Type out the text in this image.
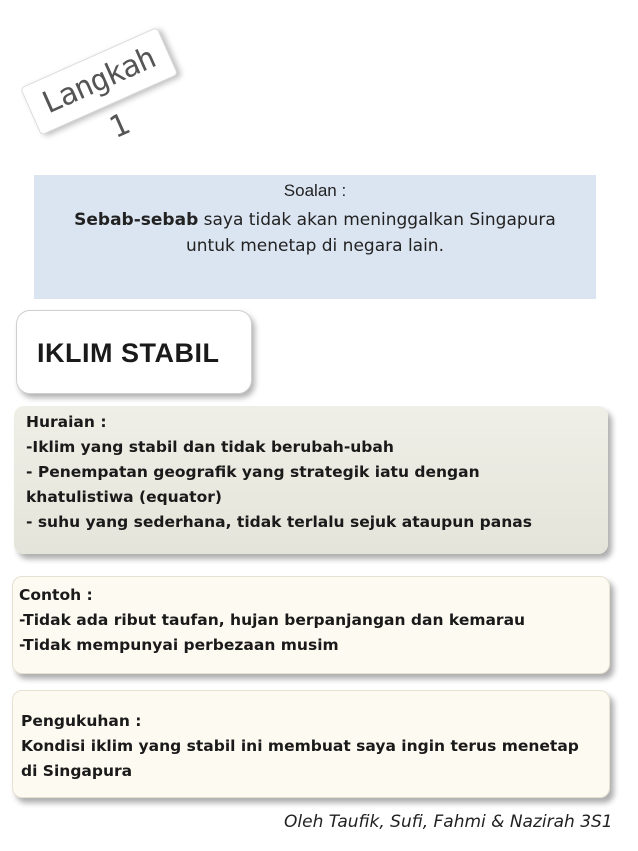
Langkah 1
Soalan :
Sebab-sebab saya tidak akan meninggalkan Singapura untuk menetap di negara lain.
IKLIM STABIL
Huraian :
-Iklim yang stabil dan tidak berubah-ubah
- Penempatan geografik yang strategik iatu dengan
khatulistiwa (equator)
- suhu yang sederhana, tidak terlalu sejuk ataupun panas
Contoh :
-Tidak ada ribut taufan, hujan berpanjangan dan kemarau
-Tidak mempunyai perbezaan musim
Pengukuhan :
Kondisi iklim yang stabil ini membuat saya ingin terus menetap
di Singapura
Oleh Taufik, Sufi, Fahmi & Nazirah 3S1
